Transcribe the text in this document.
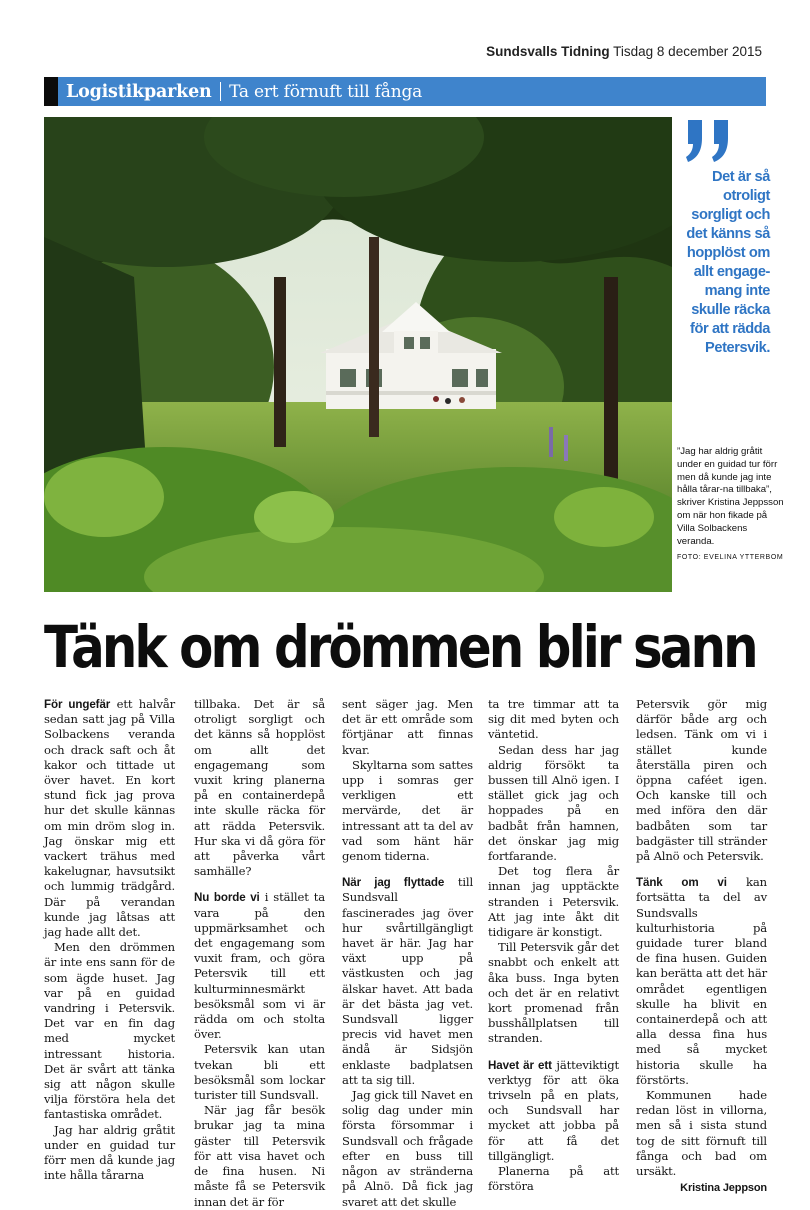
Sundsvalls Tidning Tisdag 8 december 2015
Logistikparken Ta ert förnuft till fånga
Det är så otroligt sorgligt och det känns så hopplöst om allt engage-mang inte skulle räcka för att rädda Petersvik.
”Jag har aldrig gråtit under en guidad tur förr men då kunde jag inte hålla tårar-na tillbaka”, skriver Kristina Jeppsson om när hon fikade på Villa Solbackens veranda.
FOTO: EVELINA YTTERBOM
Tänk om drömmen blir sann

För ungefär ett halvår sedan satt jag på Villa Solbackens veranda och drack saft och åt kakor och tittade ut över havet. En kort stund fick jag prova hur det skulle kännas om min dröm slog in. Jag önskar mig ett vackert trähus med kakelugnar, havsutsikt och lummig trädgård. Där på verandan kunde jag låtsas att jag hade allt det.

Men den drömmen är inte ens sann för de som ägde huset. Jag var på en guidad vandring i Petersvik. Det var en fin dag med mycket intressant historia. Det är svårt att tänka sig att någon skulle vilja förstöra hela det fantastiska området.

Jag har aldrig gråtit under en guidad tur förr men då kunde jag inte hålla tårarna

tillbaka. Det är så otroligt sorgligt och det känns så hopplöst om allt det engagemang som vuxit kring planerna på en containerdepå inte skulle räcka för att rädda Petersvik. Hur ska vi då göra för att påverka vårt samhälle?

Nu borde vi i stället ta vara på den uppmärksamhet och det engagemang som vuxit fram, och göra Petersvik till ett kulturminnesmärkt besöksmål som vi är rädda om och stolta över.

Petersvik kan utan tvekan bli ett besöksmål som lockar turister till Sundsvall.

När jag får besök brukar jag ta mina gäster till Petersvik för att visa havet och de fina husen. Ni måste få se Petersvik innan det är för

sent säger jag. Men det är ett område som förtjänar att finnas kvar.

Skyltarna som sattes upp i somras ger verkligen ett mervärde, det är intressant att ta del av vad som hänt här genom tiderna.

När jag flyttade till Sundsvall fascinerades jag över hur svårtillgängligt havet är här. Jag har växt upp på västkusten och jag älskar havet. Att bada är det bästa jag vet. Sundsvall ligger precis vid havet men ändå är Sidsjön enklaste badplatsen att ta sig till.

Jag gick till Navet en solig dag under min första försommar i Sundsvall och frågade efter en buss till någon av stränderna på Alnö. Då fick jag svaret att det skulle

ta tre timmar att ta sig dit med byten och väntetid.

Sedan dess har jag aldrig försökt ta bussen till Alnö igen. I stället gick jag och hoppades på en badbåt från hamnen, det önskar jag mig fortfarande.

Det tog flera år innan jag upptäckte stranden i Petersvik. Att jag inte åkt dit tidigare är konstigt.

Till Petersvik går det snabbt och enkelt att åka buss. Inga byten och det är en relativt kort promenad från busshållplatsen till stranden.

Havet är ett jätteviktigt verktyg för att öka trivseln på en plats, och Sundsvall har mycket att jobba på för att få det tillgängligt.

Planerna på att förstöra

Petersvik gör mig därför både arg och ledsen. Tänk om vi i stället kunde återställa piren och öppna caféet igen. Och kanske till och med införa den där badbåten som tar badgäster till stränder på Alnö och Petersvik.

Tänk om vi kan fortsätta ta del av Sundsvalls kulturhistoria på guidade turer bland de fina husen. Guiden kan berätta att det här området egentligen skulle ha blivit en containerdepå och att alla dessa fina hus med så mycket historia skulle ha förstörts.

Kommunen hade redan löst in villorna, men så i sista stund tog de sitt förnuft till fånga och bad om ursäkt.

Kristina Jeppson
